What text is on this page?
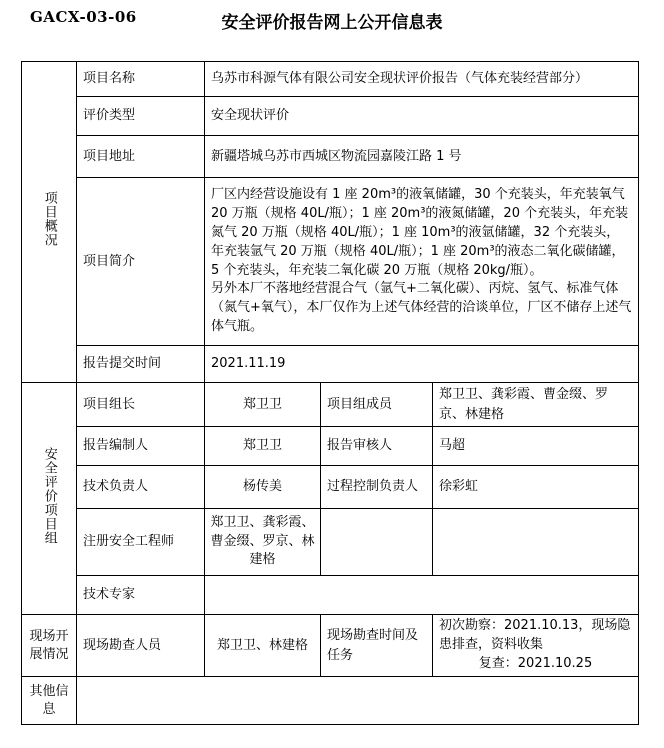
GACX-03-06	安全评价报告网上公开信息表
项目概况	项目名称	乌苏市科源气体有限公司安全现状评价报告（气体充装经营部分）		
	评价类型	安全现状评价		
	项目地址	新疆塔城乌苏市西城区物流园嘉陵江路 1 号		
	项目简介	厂区内经营设施设有 1 座 20m³的液氧储罐，30 个充装头，年充装氧气 20 万瓶（规格 40L/瓶）；1 座 20m³的液氮储罐，20 个充装头，年充装氮气 20 万瓶（规格 40L/瓶）；1 座 10m³的液氩储罐，32 个充装头，年充装氩气 20 万瓶（规格 40L/瓶）；1 座 20m³的液态二氧化碳储罐，5 个充装头，年充装二氧化碳 20 万瓶（规格 20kg/瓶）。

另外本厂不落地经营混合气（氩气+二氧化碳）、丙烷、氢气、标准气体（氮气+氧气），本厂仅作为上述气体经营的洽谈单位，厂区不储存上述气体气瓶。		

	报告提交时间	2021.11.19		
安全评价项目组	项目组长	郑卫卫	项目组成员	郑卫卫、龚彩霞、曹金缀、罗京、林建格
	报告编制人	郑卫卫	报告审核人	马超
	技术负责人	杨传美	过程控制负责人	徐彩虹
	注册安全工程师	郑卫卫、龚彩霞、曹金缀、罗京、林建格		
	技术专家			
现场开展情况	现场勘查人员	郑卫卫、林建格	现场勘查时间及任务	初次勘察：2021.10.13，现场隐患排查，资料收集
复查：2021.10.25

其他信息				
